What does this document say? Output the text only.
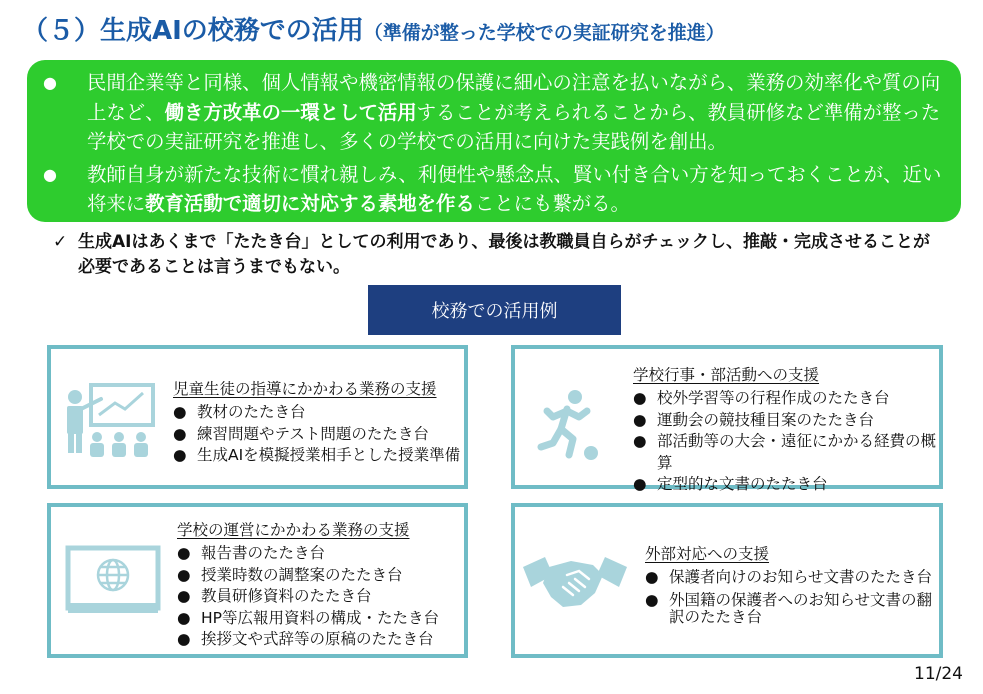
（５）生成AIの校務での活用（準備が整った学校での実証研究を推進）
●	民間企業等と同様、個人情報や機密情報の保護に細心の注意を払いながら、業務の効率化や質の向上など、働き方改革の一環として活用することが考えられることから、教員研修など準備が整った学校での実証研究を推進し、多くの学校での活用に向けた実践例を創出。
●	教師自身が新たな技術に慣れ親しみ、利便性や懸念点、賢い付き合い方を知っておくことが、近い将来に教育活動で適切に対応する素地を作ることにも繋がる。
✓ 生成AIはあくまで「たたき台」としての利用であり、最後は教職員自らがチェックし、推敲・完成させることが必要であることは言うまでもない。
校務での活用例
児童生徒の指導にかかわる業務の支援
● 教材のたたき台
● 練習問題やテスト問題のたたき台
● 生成AIを模擬授業相手とした授業準備
学校行事・部活動への支援
● 校外学習等の行程作成のたたき台
● 運動会の競技種目案のたたき台
● 部活動等の大会・遠征にかかる経費の概算
● 定型的な文書のたたき台
学校の運営にかかわる業務の支援
● 報告書のたたき台
● 授業時数の調整案のたたき台
● 教員研修資料のたたき台
● HP等広報用資料の構成・たたき台
● 挨拶文や式辞等の原稿のたたき台
外部対応への支援
● 保護者向けのお知らせ文書のたたき台
● 外国籍の保護者へのお知らせ文書の翻訳のたたき台
11/24
